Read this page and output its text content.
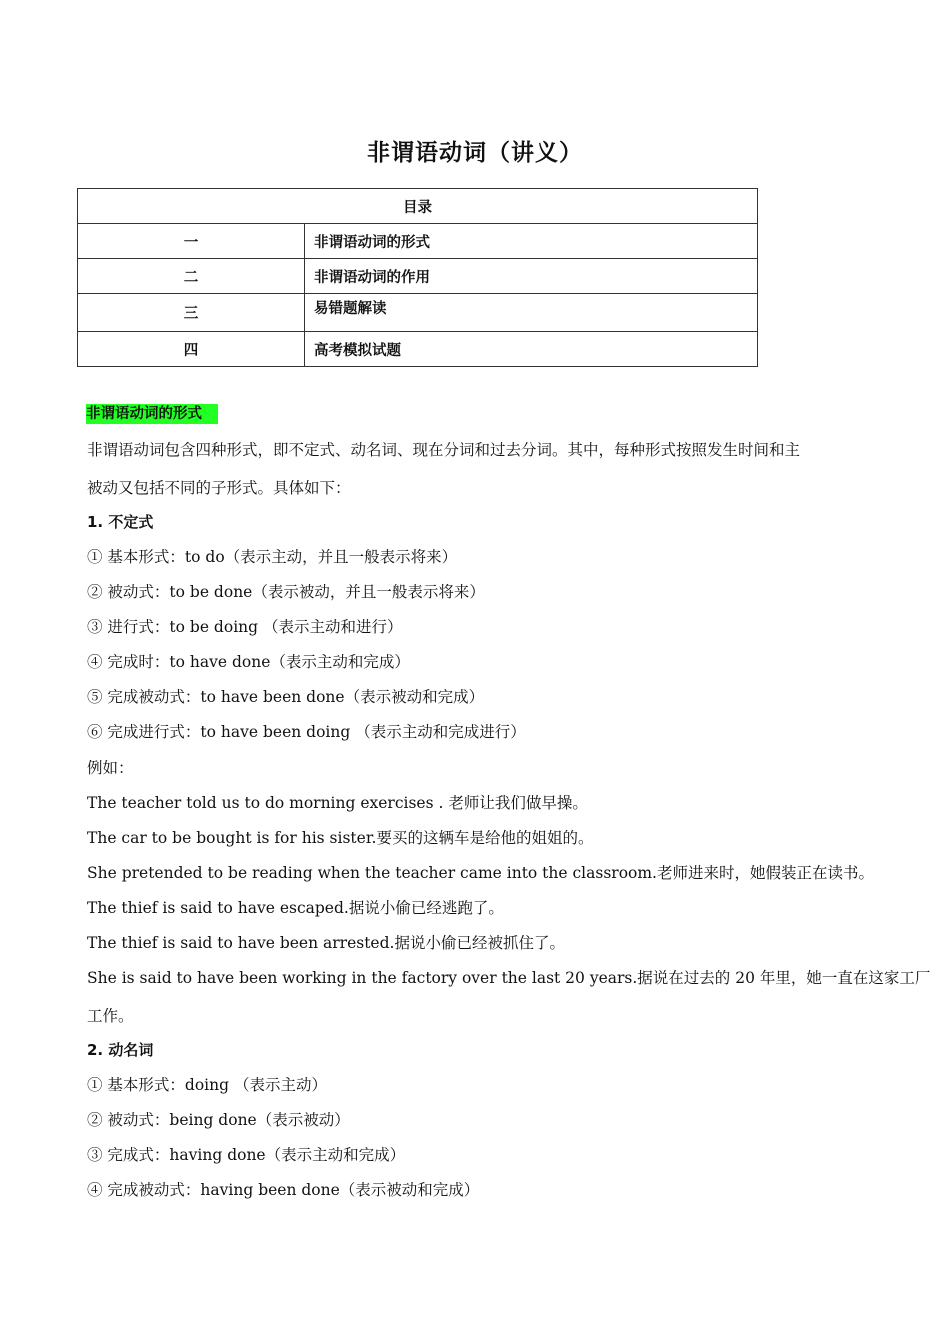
非谓语动词（讲义）
目录	
一	非谓语动词的形式
二	非谓语动词的作用
三	易错题解读
四	高考模拟试题
非谓语动词的形式
非谓语动词包含四种形式，即不定式、动名词、现在分词和过去分词。其中，每种形式按照发生时间和主
被动又包括不同的子形式。具体如下：
1. 不定式
① 基本形式：to do（表示主动，并且一般表示将来）
② 被动式：to be done（表示被动，并且一般表示将来）
③ 进行式：to be doing （表示主动和进行）
④ 完成时：to have done（表示主动和完成）
⑤ 完成被动式：to have been done（表示被动和完成）
⑥ 完成进行式：to have been doing （表示主动和完成进行）
例如：
The teacher told us to do morning exercises . 老师让我们做早操。
The car to be bought is for his sister.要买的这辆车是给他的姐姐的。
She pretended to be reading when the teacher came into the classroom.老师进来时，她假装正在读书。
The thief is said to have escaped.据说小偷已经逃跑了。
The thief is said to have been arrested.据说小偷已经被抓住了。
She is said to have been working in the factory over the last 20 years.据说在过去的 20 年里，她一直在这家工厂
工作。
2. 动名词
① 基本形式：doing （表示主动）
② 被动式：being done（表示被动）
③ 完成式：having done（表示主动和完成）
④ 完成被动式：having been done（表示被动和完成）
